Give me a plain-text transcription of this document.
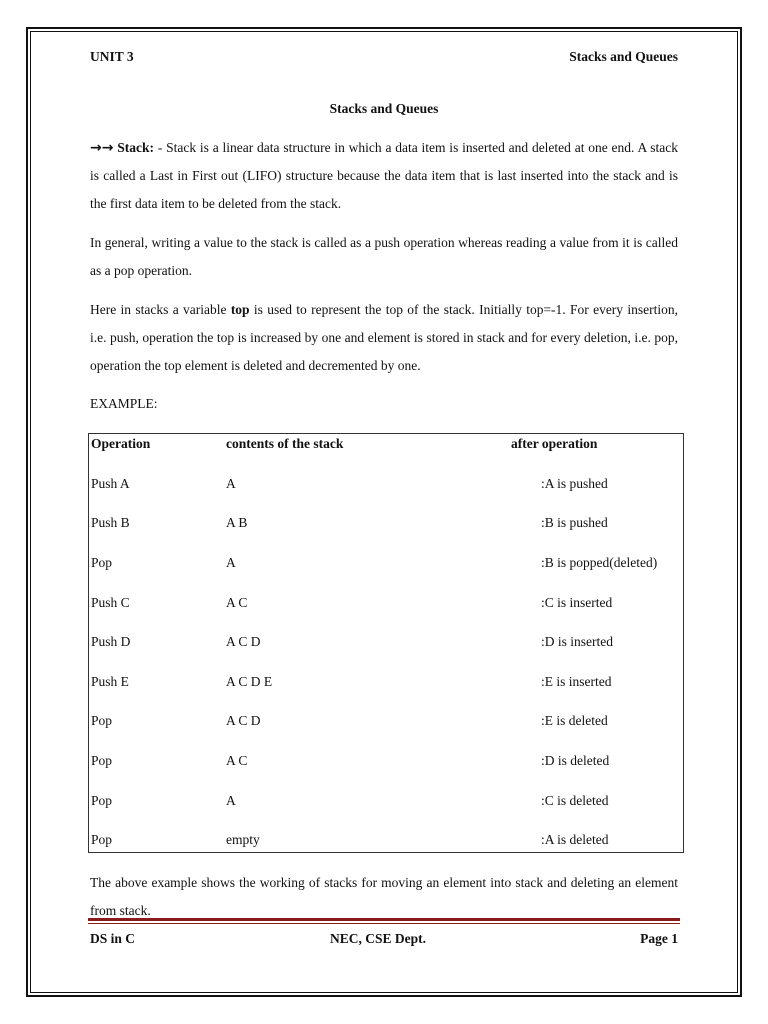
UNIT 3	Stacks and Queues
Stacks and Queues

→→ Stack: - Stack is a linear data structure in which a data item is inserted and deleted at one end. A stack is called a Last in First out (LIFO) structure because the data item that is last inserted into the stack and is the first data item to be deleted from the stack.

In general, writing a value to the stack is called as a push operation whereas reading a value from it is called as a pop operation.

Here in stacks a variable top is used to represent the top of the stack. Initially top=-1. For every insertion, i.e. push, operation the top is increased by one and element is stored in stack and for every deletion, i.e. pop, operation the top element is deleted and decremented by one.

EXAMPLE:

Operation	contents of the stack	after operation
Push A	A	:A is pushed
Push B	A B	:B is pushed
Pop	A	:B is popped(deleted)
Push C	A C	:C is inserted
Push D	A C D	:D is inserted
Push E	A C D E	:E is inserted
Pop	A C D	:E is deleted
Pop	A C	:D is deleted
Pop	A	:C is deleted
Pop	empty	:A is deleted

The above example shows the working of stacks for moving an element into stack and deleting an element from stack.

DS in C	NEC, CSE Dept.	Page 1
